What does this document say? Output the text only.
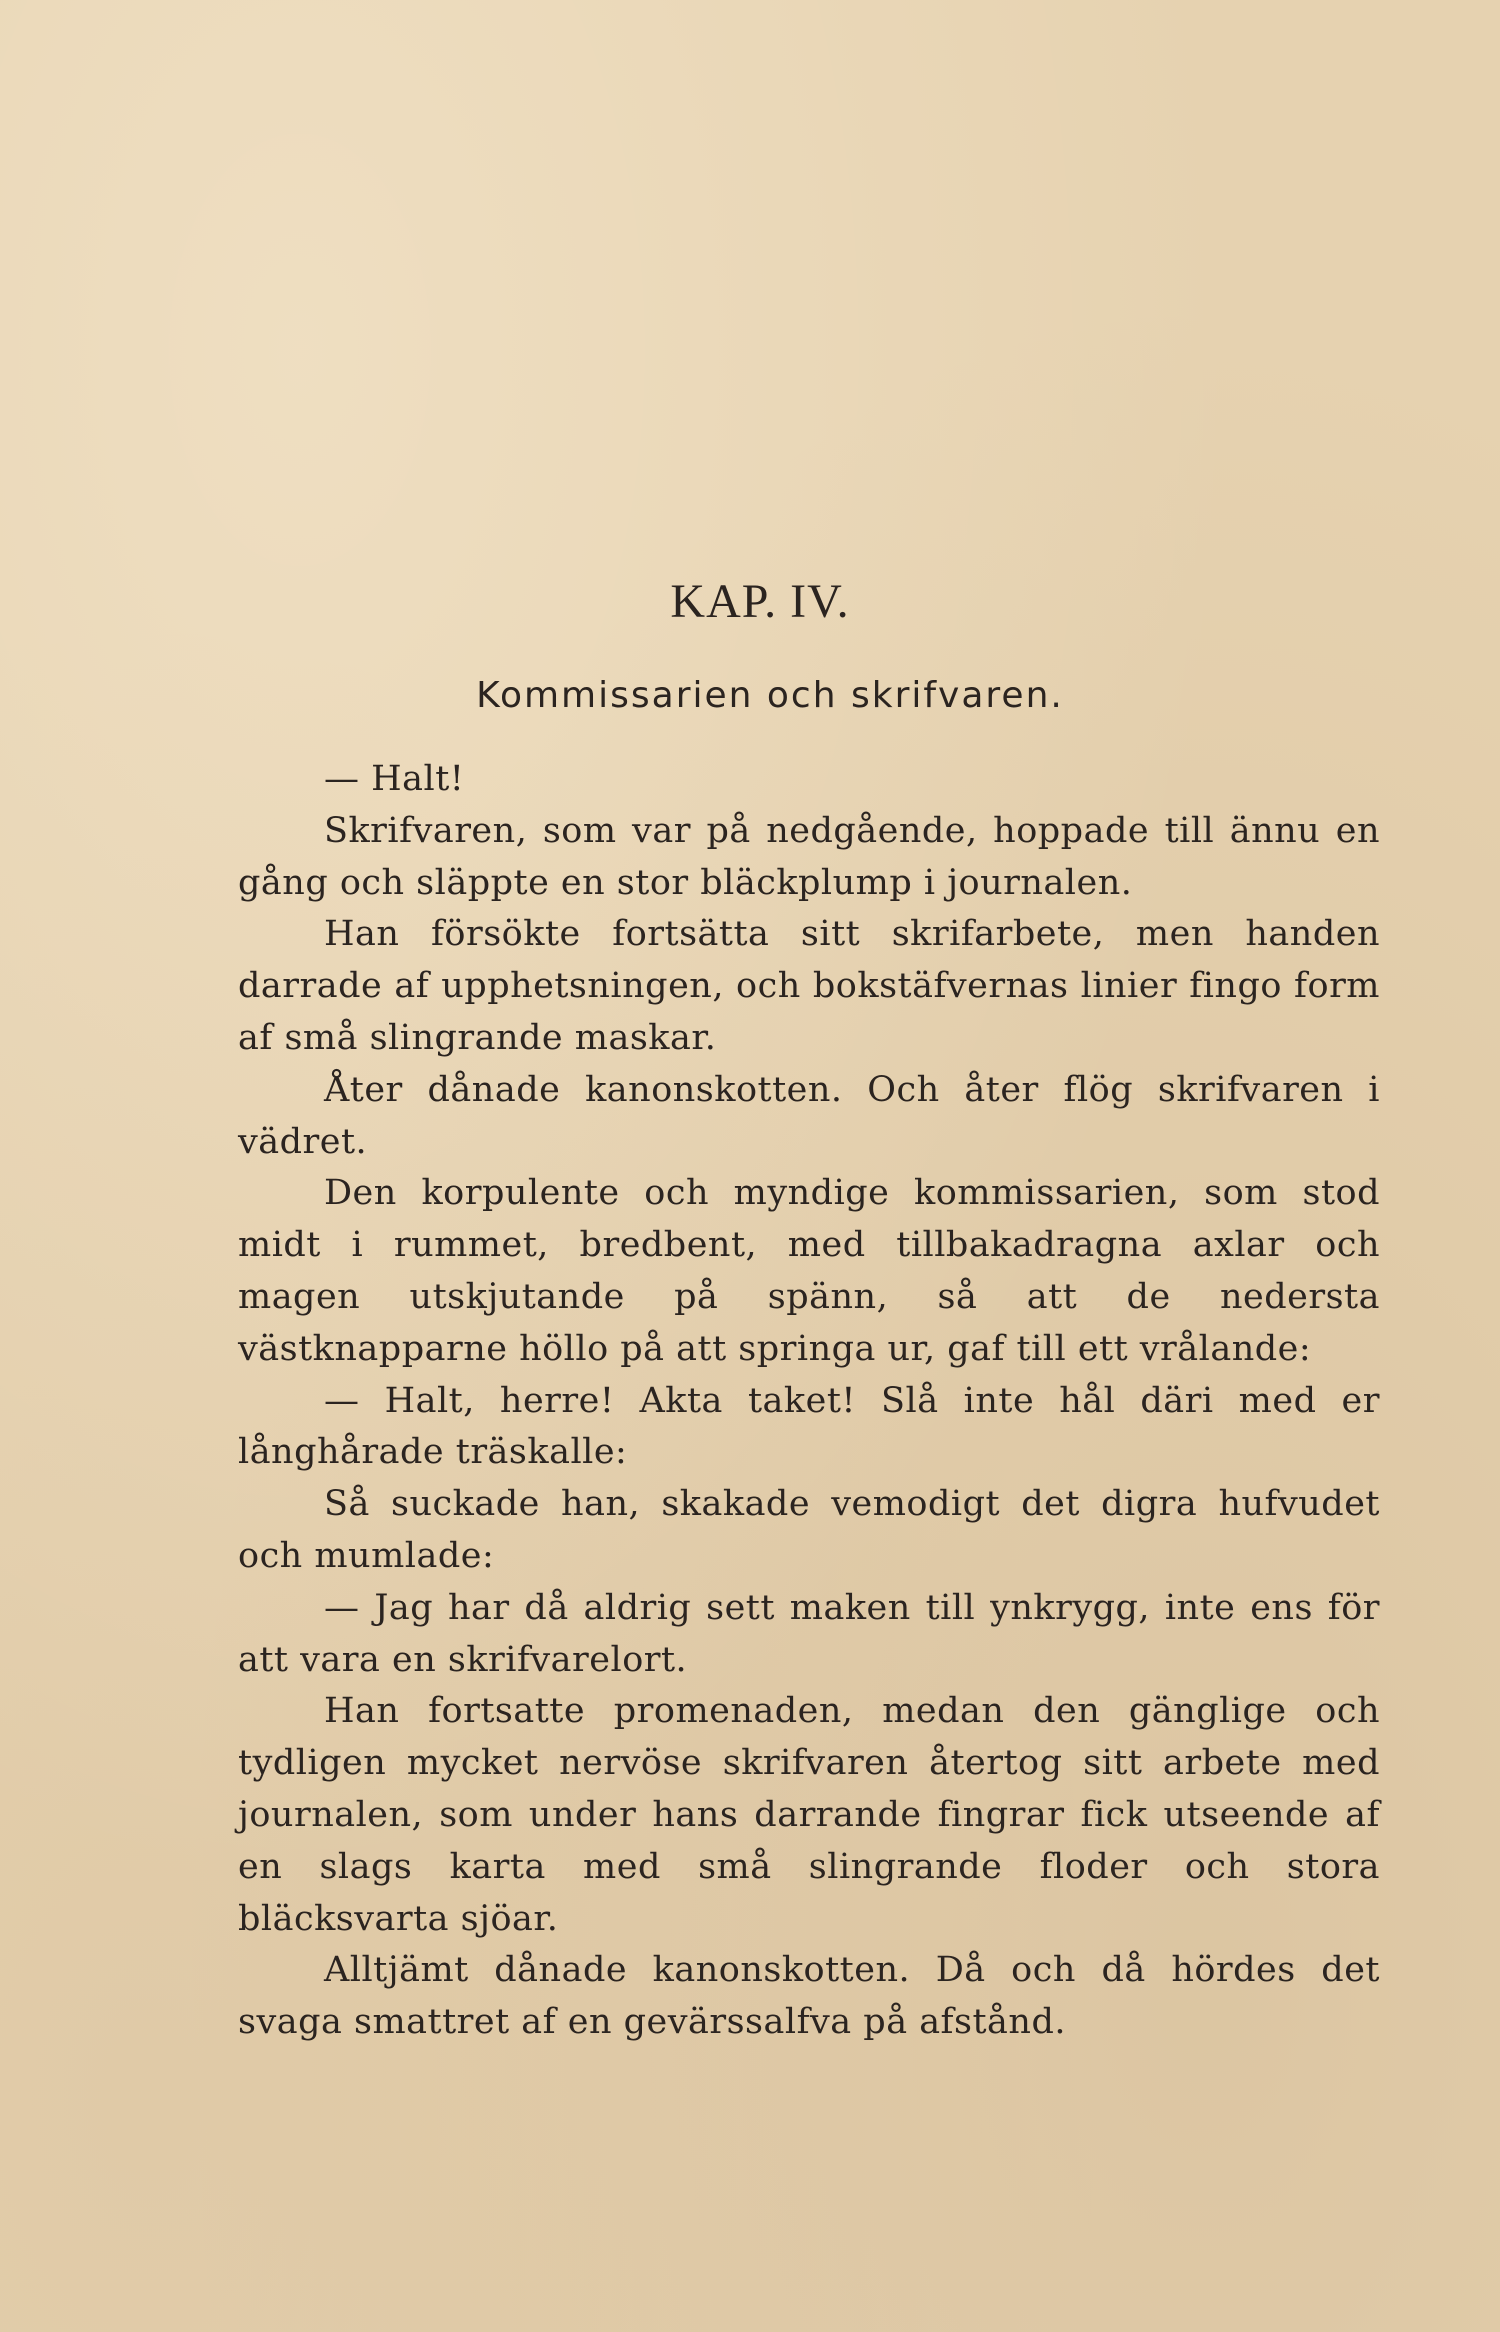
KAP. IV.
Kommissarien och skrifvaren.

— Halt!

Skrifvaren, som var på nedgående, hoppade till ännu en gång och släppte en stor bläckplump i journalen.

Han försökte fortsätta sitt skrifarbete, men handen darrade af upphetsningen, och bokstäfvernas linier fingo form af små slingrande maskar.

Åter dånade kanonskotten. Och åter flög skrifvaren i vädret.

Den korpulente och myndige kommissarien, som stod midt i rummet, bredbent, med tillbakadragna axlar och magen utskjutande på spänn, så att de nedersta västknapparne höllo på att springa ur, gaf till ett vrålande:

— Halt, herre! Akta taket! Slå inte hål däri med er långhårade träskalle:

Så suckade han, skakade vemodigt det digra hufvudet och mumlade:

— Jag har då aldrig sett maken till ynkrygg, inte ens för att vara en skrifvarelort.

Han fortsatte promenaden, medan den gänglige och tydligen mycket nervöse skrifvaren återtog sitt arbete med journalen, som under hans darrande fingrar fick utseende af en slags karta med små slingrande floder och stora bläcksvarta sjöar.

Alltjämt dånade kanonskotten. Då och då hördes det svaga smattret af en gevärssalfva på afstånd.
